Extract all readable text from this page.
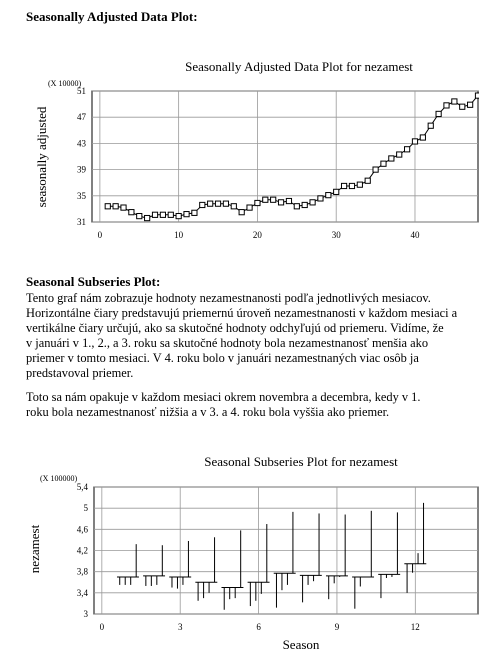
Seasonally Adjusted Data Plot:
Seasonally Adjusted Data Plot for nezamest
(X 10000)
seasonally adjusted
0	10	20	30	40
31
35
39
43
47
51
Seasonal Subseries Plot:
Tento graf nám zobrazuje hodnoty nezamestnanosti podľa jednotlivých mesiacov.
Horizontálne čiary predstavujú priemernú úroveň nezamestnanosti v každom mesiaci a
vertikálne čiary určujú, ako sa skutočné hodnoty odchyľujú od priemeru. Vidíme, že
v januári v 1., 2., a 3. roku sa skutočné hodnoty bola nezamestnanosť menšia ako
priemer v tomto mesiaci. V 4. roku bolo v januári nezamestnaných viac osôb ja
predstavoval priemer.
Toto sa nám opakuje v každom mesiaci okrem novembra a decembra, kedy v 1.
roku bola nezamestnanosť nižšia a v 3. a 4. roku bola vyššia ako priemer.
Seasonal Subseries Plot for nezamest
(X 100000)
nezamest
Season
0	3	6	9	12
3
3,4
3,8
4,2
4,6
5
5,4
